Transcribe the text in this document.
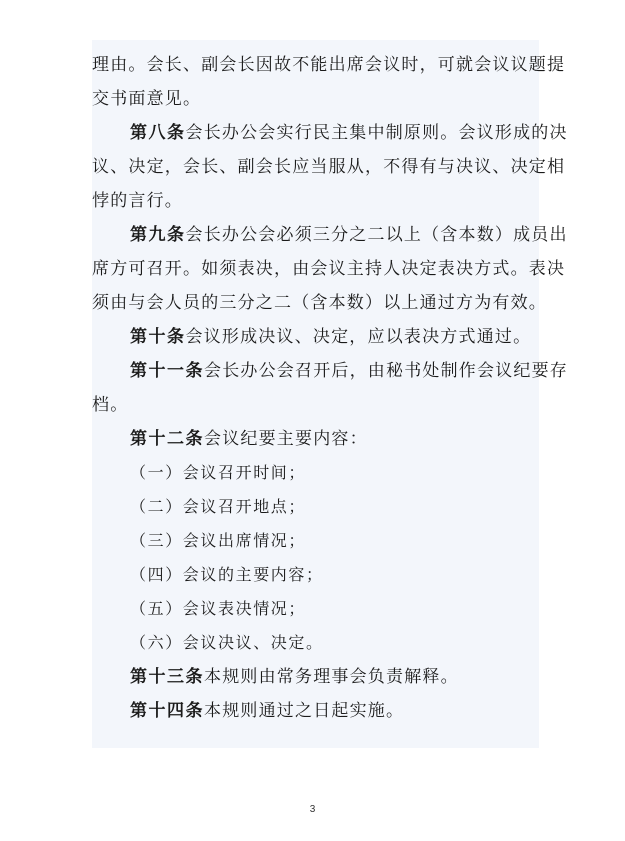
理由。会长、副会长因故不能出席会议时，可就会议议题提
交书面意见。
第八条会长办公会实行民主集中制原则。会议形成的决
议、决定，会长、副会长应当服从，不得有与决议、决定相
悖的言行。
第九条会长办公会必须三分之二以上（含本数）成员出
席方可召开。如须表决，由会议主持人决定表决方式。表决
须由与会人员的三分之二（含本数）以上通过方为有效。
第十条会议形成决议、决定，应以表决方式通过。
第十一条会长办公会召开后，由秘书处制作会议纪要存
档。
第十二条会议纪要主要内容：
（一）会议召开时间；
（二）会议召开地点；
（三）会议出席情况；
（四）会议的主要内容；
（五）会议表决情况；
（六）会议决议、决定。
第十三条本规则由常务理事会负责解释。
第十四条本规则通过之日起实施。
3
